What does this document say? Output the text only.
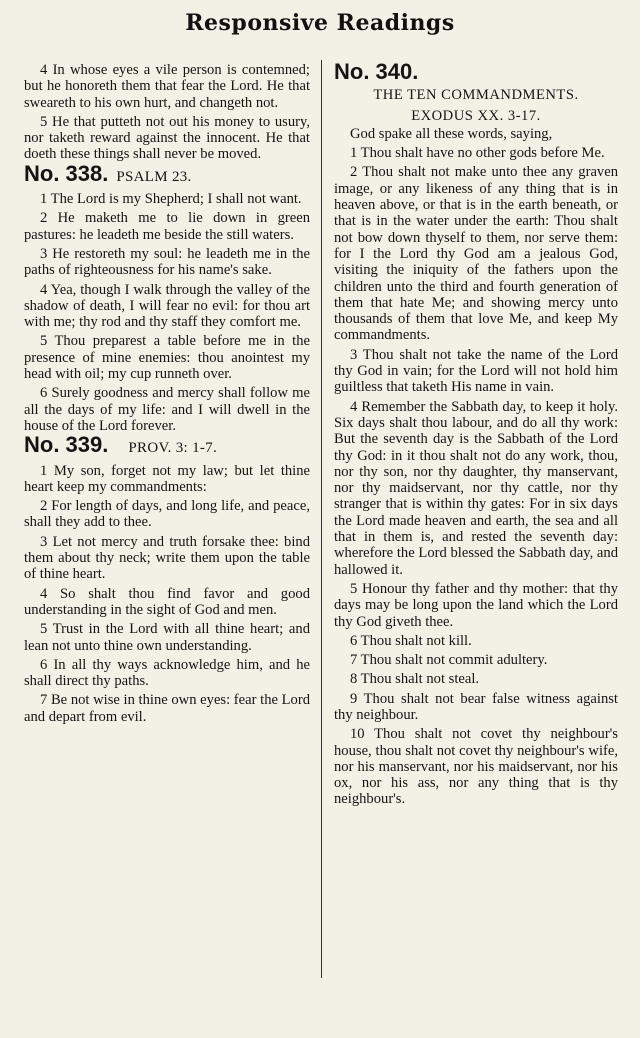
Responsive Readings

4 In whose eyes a vile person is contemned; but he honoreth them that fear the Lord. He that sweareth to his own hurt, and changeth not.

5 He that putteth not out his money to usury, nor taketh reward against the innocent. He that doeth these things shall never be moved.

No. 338. PSALM 23.

1 The Lord is my Shepherd; I shall not want.

2 He maketh me to lie down in green pastures: he leadeth me beside the still waters.

3 He restoreth my soul: he leadeth me in the paths of righteousness for his name's sake.

4 Yea, though I walk through the valley of the shadow of death, I will fear no evil: for thou art with me; thy rod and thy staff they comfort me.

5 Thou preparest a table before me in the presence of mine enemies: thou anointest my head with oil; my cup runneth over.

6 Surely goodness and mercy shall follow me all the days of my life: and I will dwell in the house of the Lord forever.

No. 339. PROV. 3: 1-7.

1 My son, forget not my law; but let thine heart keep my commandments:

2 For length of days, and long life, and peace, shall they add to thee.

3 Let not mercy and truth forsake thee: bind them about thy neck; write them upon the table of thine heart.

4 So shalt thou find favor and good understanding in the sight of God and men.

5 Trust in the Lord with all thine heart; and lean not unto thine own understanding.

6 In all thy ways acknowledge him, and he shall direct thy paths.

7 Be not wise in thine own eyes: fear the Lord and depart from evil.

No. 340.
THE TEN COMMANDMENTS.
EXODUS XX. 3-17.

God spake all these words, saying,

1 Thou shalt have no other gods before Me.

2 Thou shalt not make unto thee any graven image, or any likeness of any thing that is in heaven above, or that is in the earth beneath, or that is in the water under the earth: Thou shalt not bow down thyself to them, nor serve them: for I the Lord thy God am a jealous God, visiting the iniquity of the fathers upon the children unto the third and fourth generation of them that hate Me; and showing mercy unto thousands of them that love Me, and keep My commandments.

3 Thou shalt not take the name of the Lord thy God in vain; for the Lord will not hold him guiltless that taketh His name in vain.

4 Remember the Sabbath day, to keep it holy. Six days shalt thou labour, and do all thy work: But the seventh day is the Sabbath of the Lord thy God: in it thou shalt not do any work, thou, nor thy son, nor thy daughter, thy manservant, nor thy maidservant, nor thy cattle, nor thy stranger that is within thy gates: For in six days the Lord made heaven and earth, the sea and all that in them is, and rested the seventh day: wherefore the Lord blessed the Sabbath day, and hallowed it.

5 Honour thy father and thy mother: that thy days may be long upon the land which the Lord thy God giveth thee.

6 Thou shalt not kill.

7 Thou shalt not commit adultery.

8 Thou shalt not steal.

9 Thou shalt not bear false witness against thy neighbour.

10 Thou shalt not covet thy neighbour's house, thou shalt not covet thy neighbour's wife, nor his manservant, nor his maidservant, nor his ox, nor his ass, nor any thing that is thy neighbour's.
